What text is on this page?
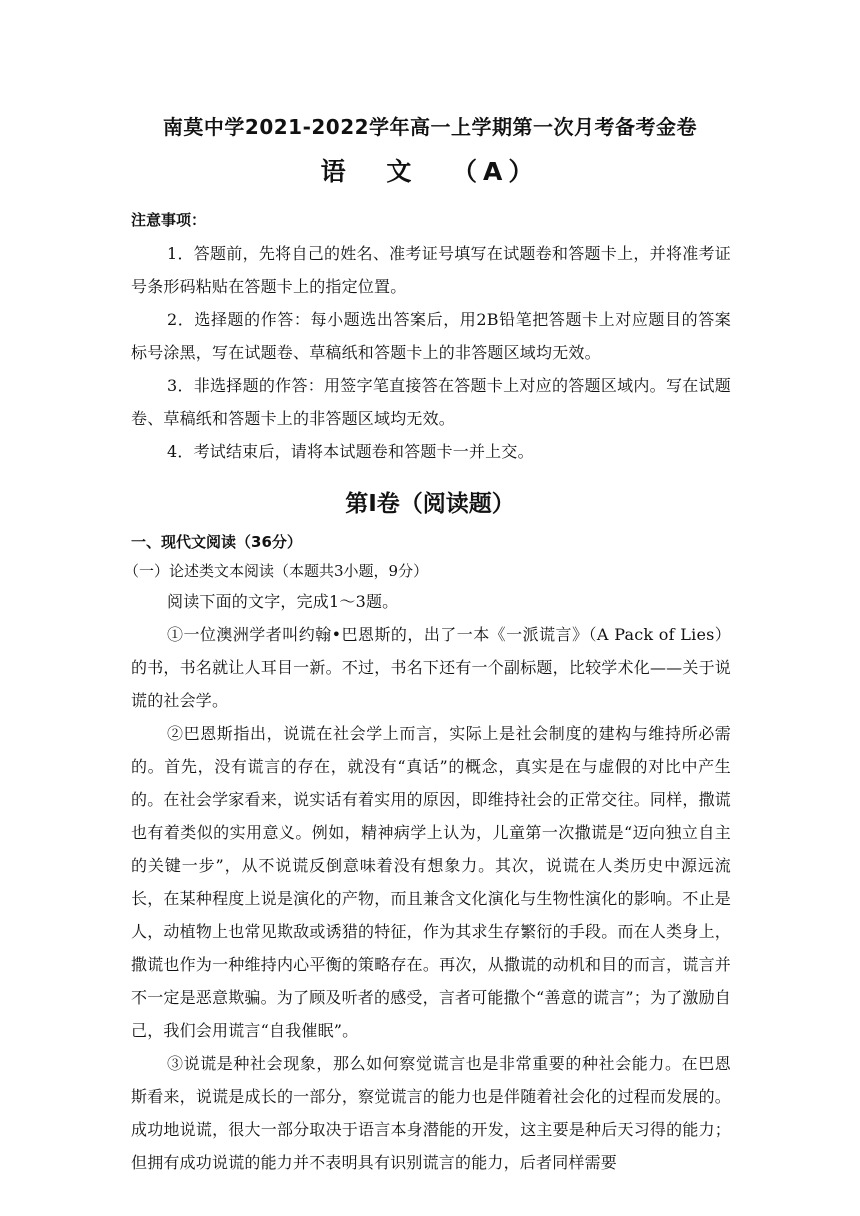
南莫中学2021-2022学年高一上学期第一次月考备考金卷
语 文 （A）
注意事项：

1．答题前，先将自己的姓名、准考证号填写在试题卷和答题卡上，并将准考证号条形码粘贴在答题卡上的指定位置。

2．选择题的作答：每小题选出答案后，用2B铅笔把答题卡上对应题目的答案标号涂黑，写在试题卷、草稿纸和答题卡上的非答题区域均无效。

3．非选择题的作答：用签字笔直接答在答题卡上对应的答题区域内。写在试题卷、草稿纸和答题卡上的非答题区域均无效。

4．考试结束后，请将本试题卷和答题卡一并上交。

第Ⅰ卷（阅读题）
一、现代文阅读（36分）
（一）论述类文本阅读（本题共3小题，9分）

阅读下面的文字，完成1～3题。

①一位澳洲学者叫约翰•巴恩斯的，出了一本《一派谎言》（A Pack of Lies）的书，书名就让人耳目一新。不过，书名下还有一个副标题，比较学术化——关于说谎的社会学。

②巴恩斯指出，说谎在社会学上而言，实际上是社会制度的建构与维持所必需的。首先，没有谎言的存在，就没有“真话”的概念，真实是在与虚假的对比中产生的。在社会学家看来，说实话有着实用的原因，即维持社会的正常交往。同样，撒谎也有着类似的实用意义。例如，精神病学上认为，儿童第一次撒谎是“迈向独立自主的关键一步”，从不说谎反倒意味着没有想象力。其次，说谎在人类历史中源远流长，在某种程度上说是演化的产物，而且兼含文化演化与生物性演化的影响。不止是人，动植物上也常见欺敌或诱猎的特征，作为其求生存繁衍的手段。而在人类身上，撒谎也作为一种维持内心平衡的策略存在。再次，从撒谎的动机和目的而言，谎言并不一定是恶意欺骗。为了顾及听者的感受，言者可能撒个“善意的谎言”；为了激励自己，我们会用谎言“自我催眠”。

③说谎是种社会现象，那么如何察觉谎言也是非常重要的种社会能力。在巴恩斯看来，说谎是成长的一部分，察觉谎言的能力也是伴随着社会化的过程而发展的。成功地说谎，很大一部分取决于语言本身潜能的开发，这主要是种后天习得的能力；但拥有成功说谎的能力并不表明具有识别谎言的能力，后者同样需要
